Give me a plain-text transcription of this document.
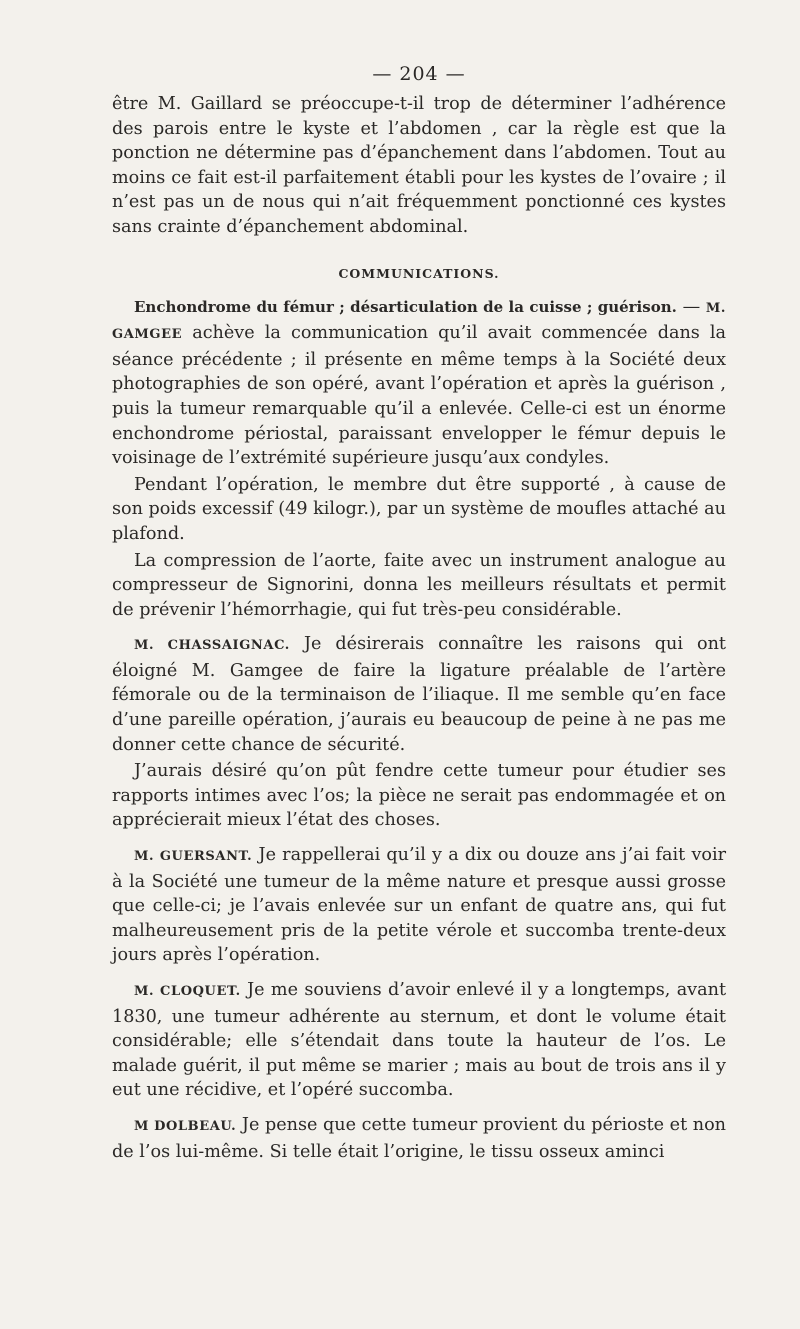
— 204 —

être M. Gaillard se préoccupe-t-il trop de déterminer l’adhérence des parois entre le kyste et l’abdomen , car la règle est que la ponction ne détermine pas d’épanchement dans l’abdomen. Tout au moins ce fait est-il parfaitement établi pour les kystes de l’ovaire ; il n’est pas un de nous qui n’ait fréquemment ponctionné ces kystes sans crainte d’épanchement abdominal.

COMMUNICATIONS.

Enchondrome du fémur ; désarticulation de la cuisse ; guérison. — M. GAMGEE achève la communication qu’il avait commencée dans la séance précédente ; il présente en même temps à la Société deux photographies de son opéré, avant l’opération et après la guérison , puis la tumeur remarquable qu’il a enlevée. Celle-ci est un énorme enchondrome périostal, paraissant envelopper le fémur depuis le voisinage de l’extrémité supérieure jusqu’aux condyles.

Pendant l’opération, le membre dut être supporté , à cause de son poids excessif (49 kilogr.), par un système de moufles attaché au plafond.

La compression de l’aorte, faite avec un instrument analogue au compresseur de Signorini, donna les meilleurs résultats et permit de prévenir l’hémorrhagie, qui fut très-peu considérable.

M. CHASSAIGNAC. Je désirerais connaître les raisons qui ont éloigné M. Gamgee de faire la ligature préalable de l’artère fémorale ou de la terminaison de l’iliaque. Il me semble qu’en face d’une pareille opération, j’aurais eu beaucoup de peine à ne pas me donner cette chance de sécurité.

J’aurais désiré qu’on pût fendre cette tumeur pour étudier ses rapports intimes avec l’os; la pièce ne serait pas endommagée et on apprécierait mieux l’état des choses.

M. GUERSANT. Je rappellerai qu’il y a dix ou douze ans j’ai fait voir à la Société une tumeur de la même nature et presque aussi grosse que celle-ci; je l’avais enlevée sur un enfant de quatre ans, qui fut malheureusement pris de la petite vérole et succomba trente-deux jours après l’opération.

M. CLOQUET. Je me souviens d’avoir enlevé il y a longtemps, avant 1830, une tumeur adhérente au sternum, et dont le volume était considérable; elle s’étendait dans toute la hauteur de l’os. Le malade guérit, il put même se marier ; mais au bout de trois ans il y eut une récidive, et l’opéré succomba.

M DOLBEAU. Je pense que cette tumeur provient du périoste et non de l’os lui-même. Si telle était l’origine, le tissu osseux aminci
